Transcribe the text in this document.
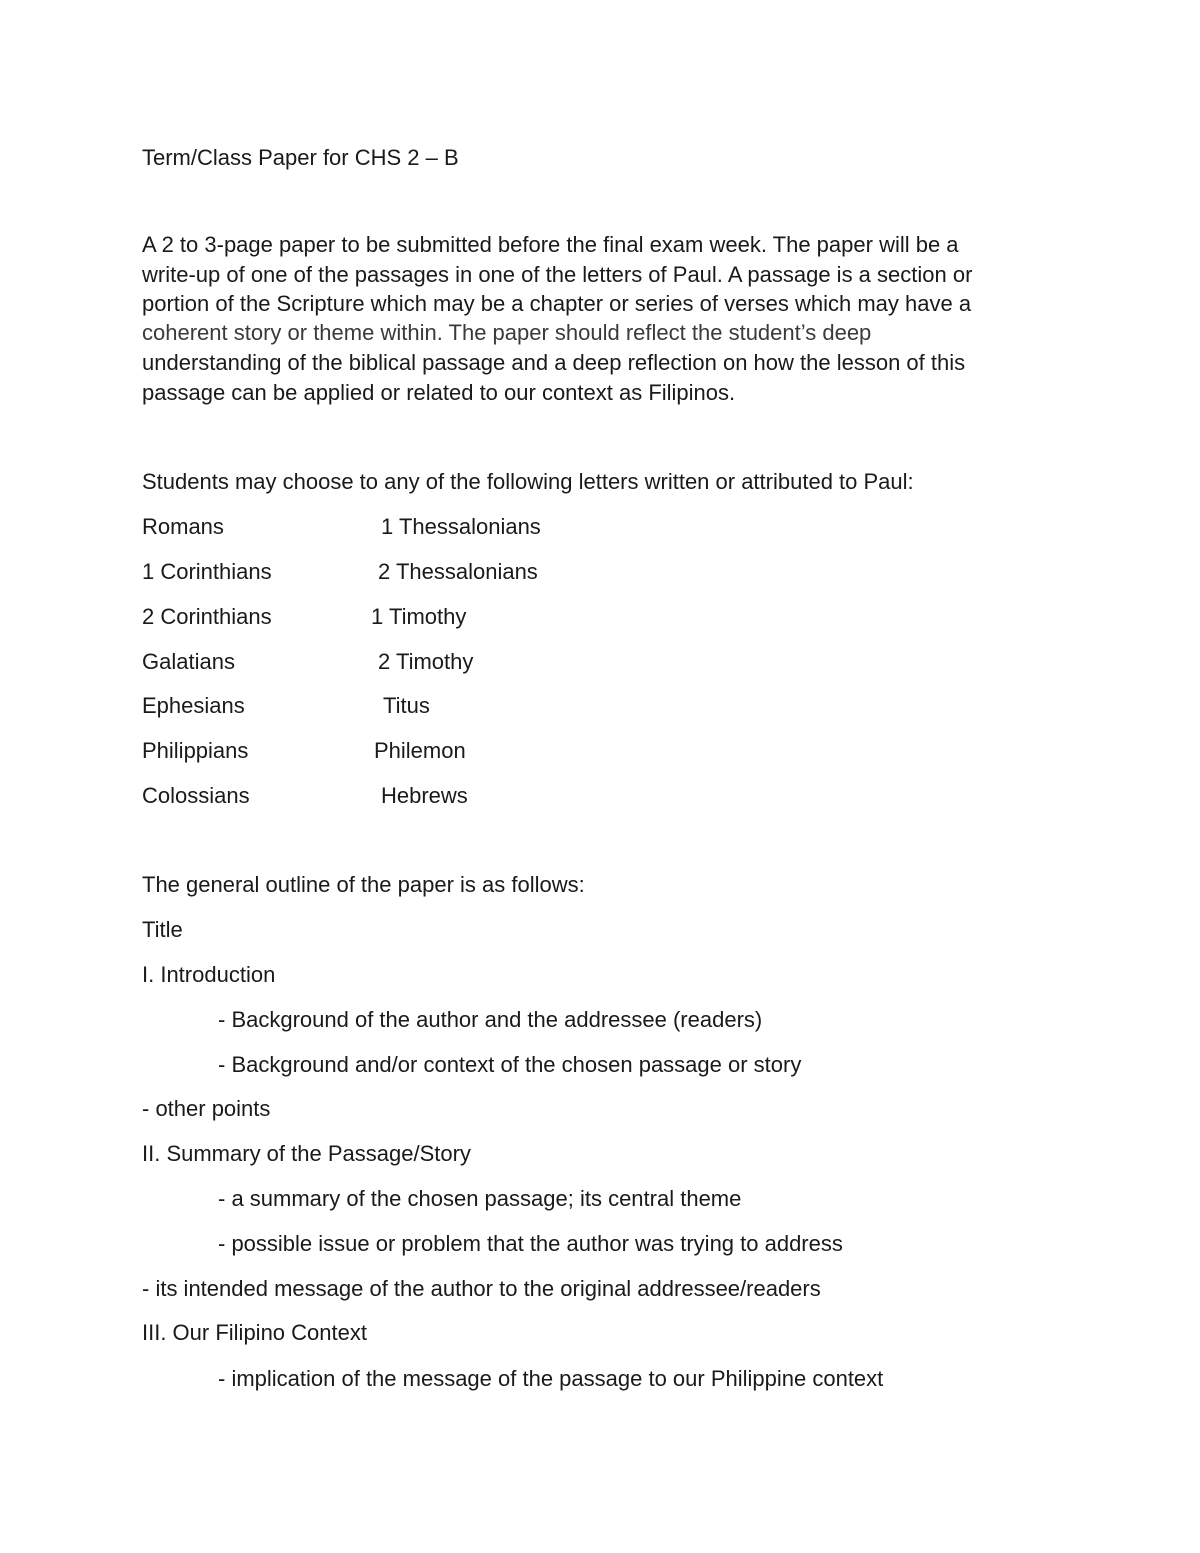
Term/Class Paper for CHS 2 – B
A 2 to 3-page paper to be submitted before the final exam week. The paper will be a
write-up of one of the passages in one of the letters of Paul. A passage is a section or
portion of the Scripture which may be a chapter or series of verses which may have a
coherent story or theme within. The paper should reflect the student’s deep
understanding of the biblical passage and a deep reflection on how the lesson of this
passage can be applied or related to our context as Filipinos.
Students may choose to any of the following letters written or attributed to Paul:
Romans	1 Thessalonians
1 Corinthians	2 Thessalonians
2 Corinthians	1 Timothy
Galatians	2 Timothy
Ephesians	Titus
Philippians	Philemon
Colossians	Hebrews
The general outline of the paper is as follows:
Title
I. Introduction
- Background of the author and the addressee (readers)
- Background and/or context of the chosen passage or story
- other points
II. Summary of the Passage/Story
- a summary of the chosen passage; its central theme
- possible issue or problem that the author was trying to address
- its intended message of the author to the original addressee/readers
III. Our Filipino Context
- implication of the message of the passage to our Philippine context
